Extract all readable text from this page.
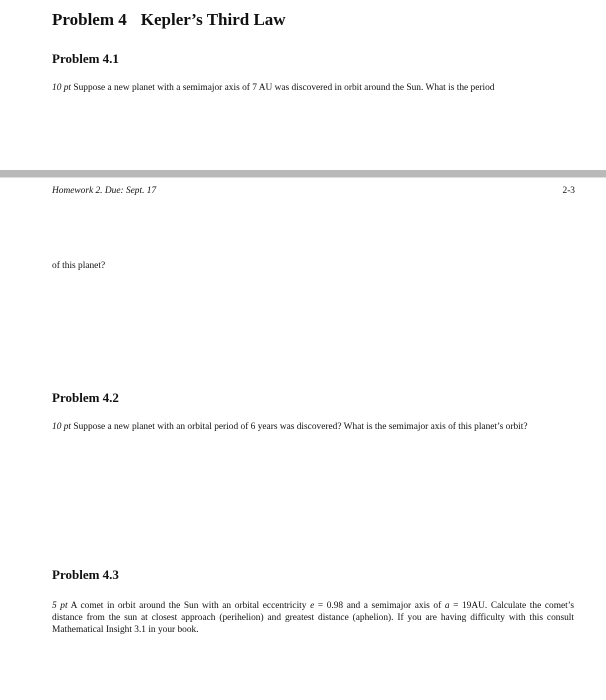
Problem 4 Kepler’s Third Law
Problem 4.1
10 pt Suppose a new planet with a semimajor axis of 7 AU was discovered in orbit around the Sun. What is the period
Homework 2. Due: Sept. 17	2-3
of this planet?
Problem 4.2
10 pt Suppose a new planet with an orbital period of 6 years was discovered? What is the semimajor axis of this planet’s orbit?
Problem 4.3
5 pt A comet in orbit around the Sun with an orbital eccentricity e = 0.98 and a semimajor axis of a = 19AU. Calculate the comet’s distance from the sun at closest approach (perihelion) and greatest distance (aphelion). If you are having difficulty with this consult Mathematical Insight 3.1 in your book.
